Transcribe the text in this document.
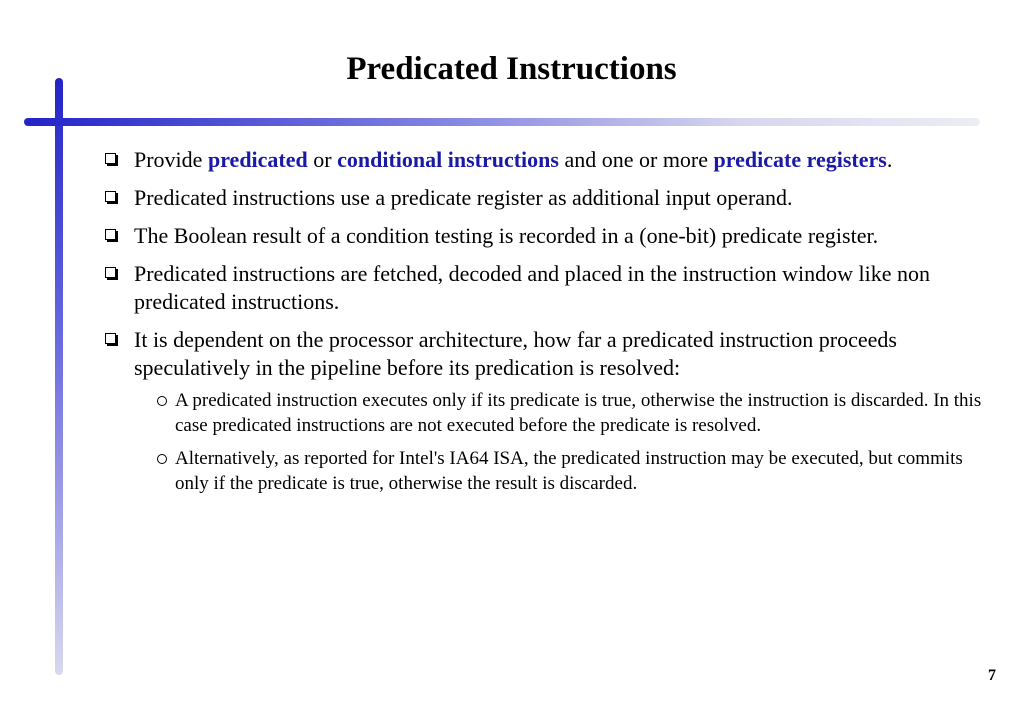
Predicated Instructions
Provide predicated or conditional instructions and one or more predicate registers.
Predicated instructions use a predicate register as additional input operand.
The Boolean result of a condition testing is recorded in a (one-bit) predicate register.
Predicated instructions are fetched, decoded and placed in the instruction window like non predicated instructions.
It is dependent on the processor architecture, how far a predicated instruction proceeds speculatively in the pipeline before its predication is resolved:
A predicated instruction executes only if its predicate is true, otherwise the instruction is discarded. In this case predicated instructions are not executed before the predicate is resolved.
Alternatively, as reported for Intel's IA64 ISA, the predicated instruction may be executed, but commits only if the predicate is true, otherwise the result is discarded.
7
